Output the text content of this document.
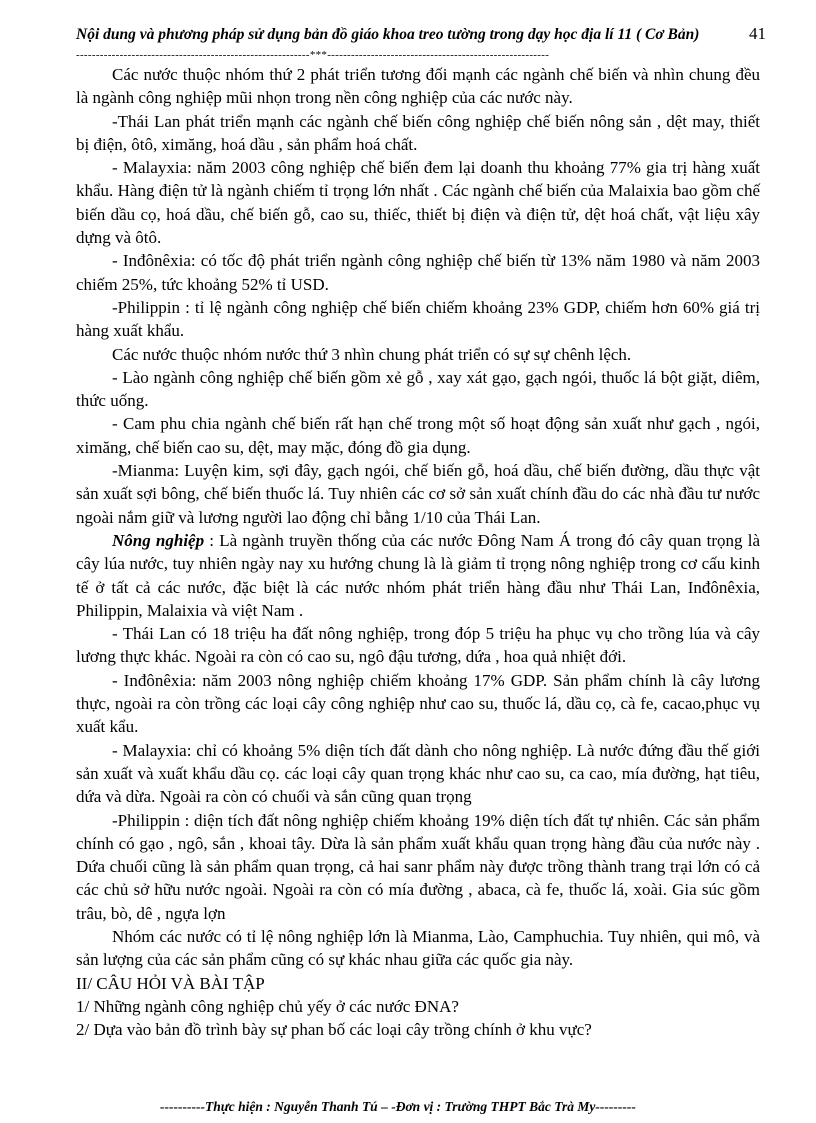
Nội dung và phương pháp sử dụng bản đồ giáo khoa treo tường trong dạy học địa lí 11 ( Cơ Bản)	41
-----------------------------------------------------------***--------------------------------------------------------

Các nước thuộc nhóm thứ 2 phát triển tương đối mạnh các ngành chế biến và nhìn chung đều là ngành công nghiệp mũi nhọn trong nền công nghiệp của các nước này.

-Thái Lan phát triển mạnh các ngành chế biến công nghiệp chế biến nông sản , dệt may, thiết bị điện, ôtô, ximăng, hoá dầu , sản phẩm hoá chất.

- Malayxia: năm 2003 công nghiệp chế biến đem lại doanh thu khoảng 77% gia trị hàng xuất khẩu. Hàng điện tử là ngành chiếm tỉ trọng lớn nhất . Các ngành chế biến của Malaixia bao gồm chế biến dầu cọ, hoá dầu, chế biến gỗ, cao su, thiếc, thiết bị điện và điện tử, dệt hoá chất, vật liệu xây dựng và ôtô.

- Inđônêxia: có tốc độ phát triển ngành công nghiệp chế biến từ 13% năm 1980 và năm 2003 chiếm 25%, tức khoảng 52% tỉ USD.

-Philippin : tỉ lệ ngành công nghiệp chế biến chiếm khoảng 23% GDP, chiếm hơn 60% giá trị hàng xuất khẩu.

Các nước thuộc nhóm nước thứ 3 nhìn chung phát triển có sự sự chênh lệch.

- Lào ngành công nghiệp chế biến gồm xẻ gỗ , xay xát gạo, gạch ngói, thuốc lá bột giặt, diêm, thức uống.

- Cam phu chia ngành chế biến rất hạn chế trong một số hoạt động sản xuất như gạch , ngói, ximăng, chế biến cao su, dệt, may mặc, đóng đồ gia dụng.

-Mianma: Luyện kim, sợi đây, gạch ngói, chế biến gỗ, hoá dầu, chế biến đường, dầu thực vật sản xuất sợi bông, chế biến thuốc lá. Tuy nhiên các cơ sở sản xuất chính đầu do các nhà đầu tư nước ngoài nắm giữ và lương người lao động chỉ bằng 1/10 của Thái Lan.

Nông nghiệp : Là ngành truyền thống của các nước Đông Nam Á trong đó cây quan trọng là cây lúa nước, tuy nhiên ngày nay xu hướng chung là là giảm tỉ trọng nông nghiệp trong cơ cấu kinh tế ở tất cả các nước, đặc biệt là các nước nhóm phát triển hàng đầu như Thái Lan, Inđônêxia, Philippin, Malaixia và việt Nam .

- Thái Lan có 18 triệu ha đất nông nghiệp, trong đóp 5 triệu ha phục vụ cho trồng lúa và cây lương thực khác. Ngoài ra còn có cao su, ngô đậu tương, dứa , hoa quả nhiệt đới.

- Inđônêxia: năm 2003 nông nghiệp chiếm khoảng 17% GDP. Sản phẩm chính là cây lương thực, ngoài ra còn trồng các loại cây công nghiệp như cao su, thuốc lá, dầu cọ, cà fe, cacao,phục vụ xuất kẩu.

- Malayxia: chỉ có khoảng 5% diện tích đất dành cho nông nghiệp. Là nước đứng đầu thế giới sản xuất và xuất khẩu dầu cọ. các loại cây quan trọng khác như cao su, ca cao, mía đường, hạt tiêu, dứa và dừa. Ngoài ra còn có chuối và sắn cũng quan trọng

-Philippin : diện tích đất nông nghiệp chiếm khoảng 19% diện tích đất tự nhiên. Các sản phẩm chính có gạo , ngô, sắn , khoai tây. Dừa là sản phẩm xuất khẩu quan trọng hàng đầu của nước này . Dứa chuối cũng là sản phẩm quan trọng, cả hai sanr phẩm này được trồng thành trang trại lớn có cả các chủ sở hữu nước ngoài. Ngoài ra còn có mía đường , abaca, cà fe, thuốc lá, xoài. Gia súc gồm trâu, bò, dê , ngựa lợn

Nhóm các nước có tỉ lệ nông nghiệp lớn là Mianma, Lào, Camphuchia. Tuy nhiên, qui mô, và sản lượng của các sản phẩm cũng có sự khác nhau giữa các quốc gia này.

II/ CÂU HỎI VÀ BÀI TẬP

1/ Những ngành công nghiệp chủ yếy ở các nước ĐNA?

2/ Dựa vào bản đồ trình bày sự phan bố các loại cây trồng chính ở khu vực?

----------Thực hiện : Nguyễn Thanh Tú – -Đơn vị : Trường THPT Bắc Trà My---------
